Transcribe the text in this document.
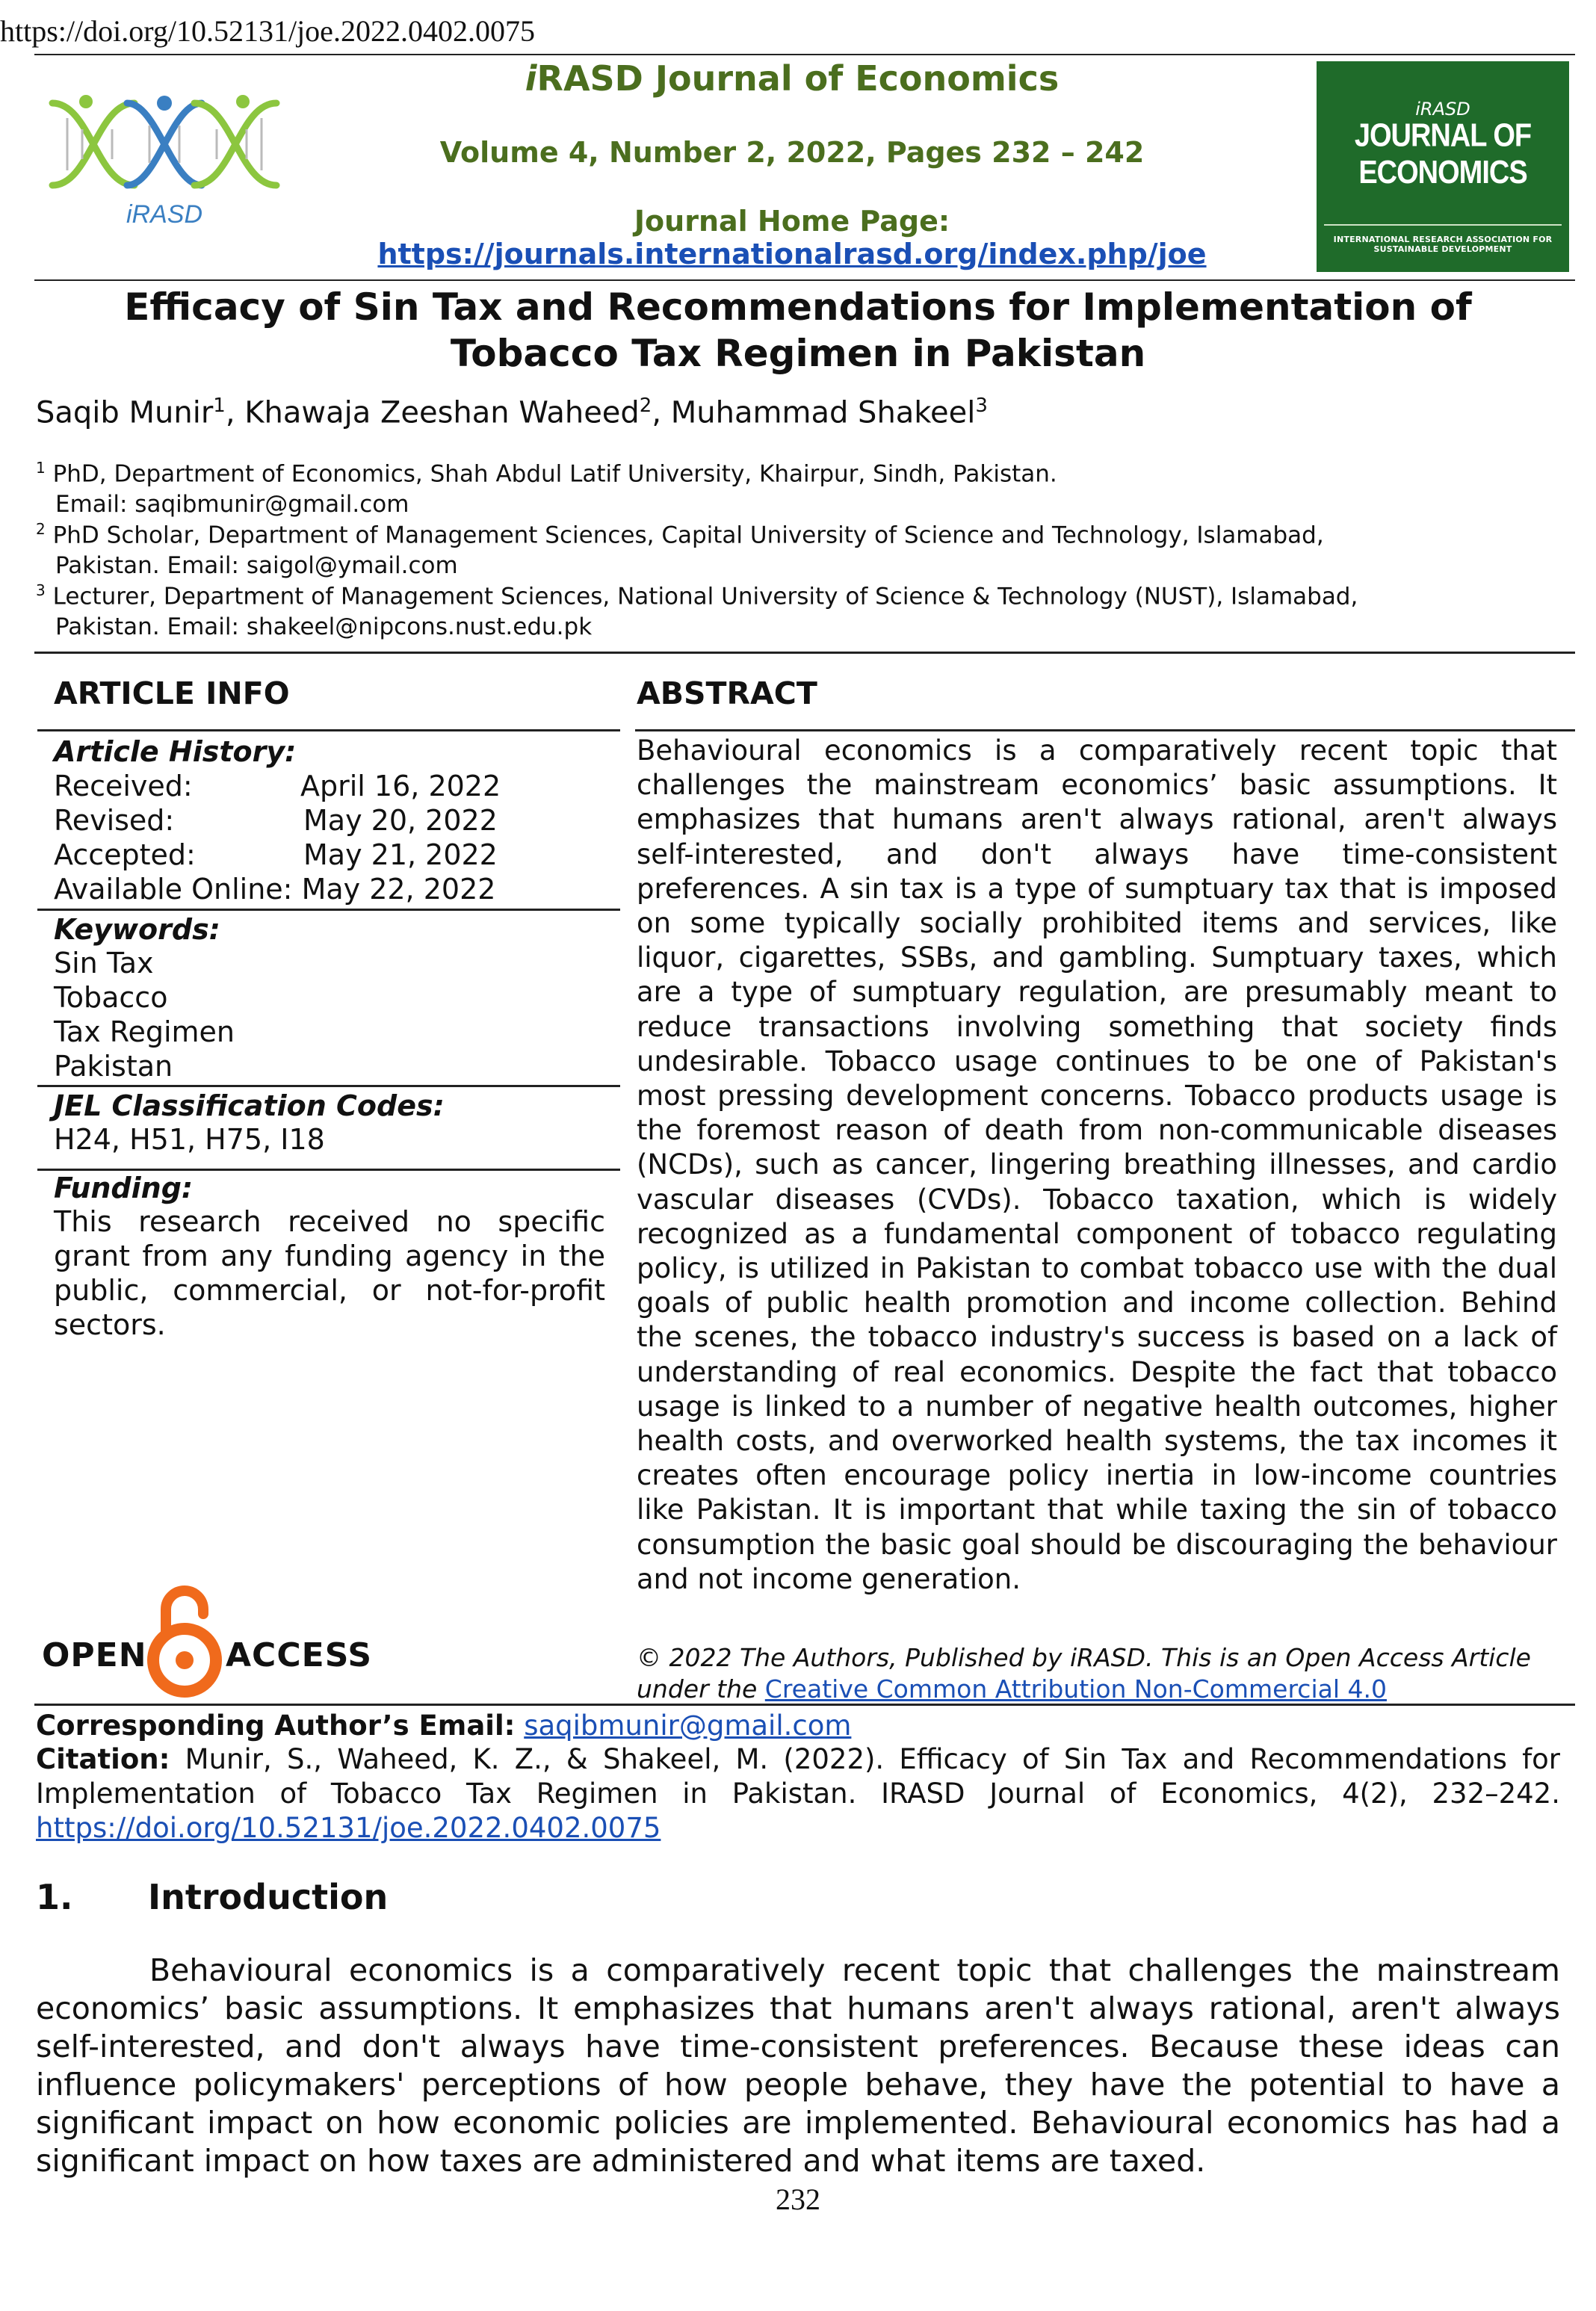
https://doi.org/10.52131/joe.2022.0402.0075
iRASD
iRASD Journal of Economics
Volume 4, Number 2, 2022, Pages 232 – 242
Journal Home Page:
https://journals.internationalrasd.org/index.php/joe
iRASD
JOURNAL OF ECONOMICS
INTERNATIONAL RESEARCH ASSOCIATION FOR SUSTAINABLE DEVELOPMENT
Efficacy of Sin Tax and Recommendations for Implementation of
Tobacco Tax Regimen in Pakistan
Saqib Munir$^1$, Khawaja Zeeshan Waheed$^2$, Muhammad Shakeel$^3$
$^1$ PhD, Department of Economics, Shah Abdul Latif University, Khairpur, Sindh, Pakistan.
Email: saqibmunir@gmail.com
$^2$ PhD Scholar, Department of Management Sciences, Capital University of Science and Technology, Islamabad,
Pakistan. Email: saigol@ymail.com
$^3$ Lecturer, Department of Management Sciences, National University of Science & Technology (NUST), Islamabad,
Pakistan. Email: shakeel@nipcons.nust.edu.pk
ARTICLE INFO	ABSTRACT
Article History:
Received:	April 16, 2022
Revised:	May 20, 2022
Accepted:	May 21, 2022
Available Online: May 22, 2022
Keywords:
Sin Tax
Tobacco
Tax Regimen
Pakistan
JEL Classification Codes:
H24, H51, H75, I18
Funding:
This research received no specific grant from any funding agency in the public, commercial, or not-for-profit sectors.
Behavioural economics is a comparatively recent topic that challenges the mainstream economics’ basic assumptions. It emphasizes that humans aren't always rational, aren't always self-interested, and don't always have time-consistent preferences. A sin tax is a type of sumptuary tax that is imposed on some typically socially prohibited items and services, like liquor, cigarettes, SSBs, and gambling. Sumptuary taxes, which are a type of sumptuary regulation, are presumably meant to reduce transactions involving something that society finds undesirable. Tobacco usage continues to be one of Pakistan's most pressing development concerns. Tobacco products usage is the foremost reason of death from non-communicable diseases (NCDs), such as cancer, lingering breathing illnesses, and cardio vascular diseases (CVDs). Tobacco taxation, which is widely recognized as a fundamental component of tobacco regulating policy, is utilized in Pakistan to combat tobacco use with the dual goals of public health promotion and income collection. Behind the scenes, the tobacco industry's success is based on a lack of understanding of real economics. Despite the fact that tobacco usage is linked to a number of negative health outcomes, higher health costs, and overworked health systems, the tax incomes it creates often encourage policy inertia in low-income countries like Pakistan. It is important that while taxing the sin of tobacco consumption the basic goal should be discouraging the behaviour and not income generation.
OPEN ACCESS	© 2022 The Authors, Published by iRASD. This is an Open Access Article under the Creative Common Attribution Non-Commercial 4.0
Corresponding Author’s Email: saqibmunir@gmail.com
Citation: Munir, S., Waheed, K. Z., & Shakeel, M. (2022). Efficacy of Sin Tax and Recommendations for Implementation of Tobacco Tax Regimen in Pakistan. IRASD Journal of Economics, 4(2), 232–242. https://doi.org/10.52131/joe.2022.0402.0075
1. Introduction
Behavioural economics is a comparatively recent topic that challenges the mainstream economics’ basic assumptions. It emphasizes that humans aren't always rational, aren't always self-interested, and don't always have time-consistent preferences. Because these ideas can influence policymakers' perceptions of how people behave, they have the potential to have a significant impact on how economic policies are implemented. Behavioural economics has had a significant impact on how taxes are administered and what items are taxed.
232
